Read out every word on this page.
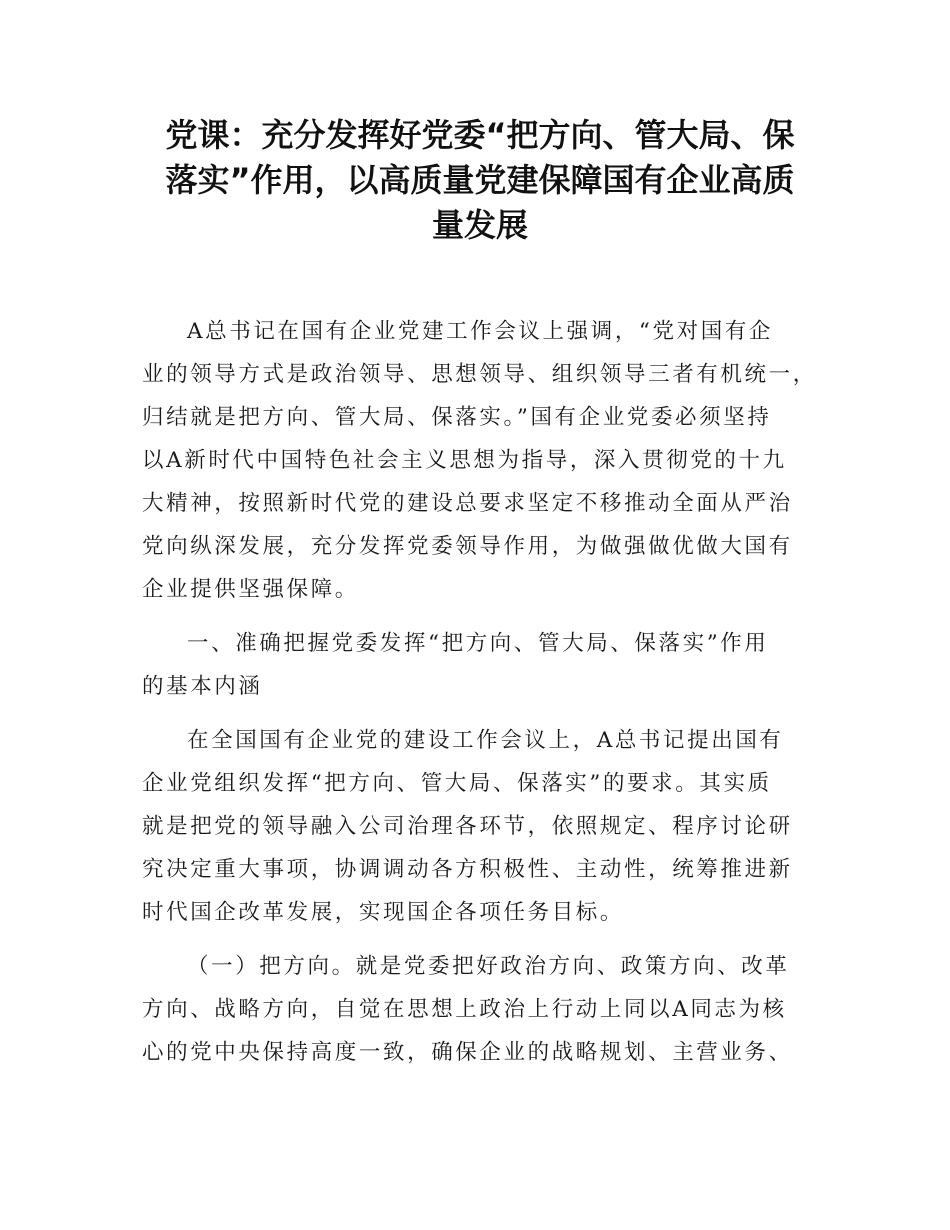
党课：充分发挥好党委“把方向、管大局、保
落实”作用，以高质量党建保障国有企业高质
量发展
A总书记在国有企业党建工作会议上强调，“党对国有企
业的领导方式是政治领导、思想领导、组织领导三者有机统一，
归结就是把方向、管大局、保落实。”国有企业党委必须坚持
以A新时代中国特色社会主义思想为指导，深入贯彻党的十九
大精神，按照新时代党的建设总要求坚定不移推动全面从严治
党向纵深发展，充分发挥党委领导作用，为做强做优做大国有
企业提供坚强保障。
一、准确把握党委发挥“把方向、管大局、保落实”作用
的基本内涵
在全国国有企业党的建设工作会议上，A总书记提出国有
企业党组织发挥“把方向、管大局、保落实”的要求。其实质
就是把党的领导融入公司治理各环节，依照规定、程序讨论研
究决定重大事项，协调调动各方积极性、主动性，统筹推进新
时代国企改革发展，实现国企各项任务目标。
（一）把方向。就是党委把好政治方向、政策方向、改革
方向、战略方向，自觉在思想上政治上行动上同以A同志为核
心的党中央保持高度一致，确保企业的战略规划、主营业务、
